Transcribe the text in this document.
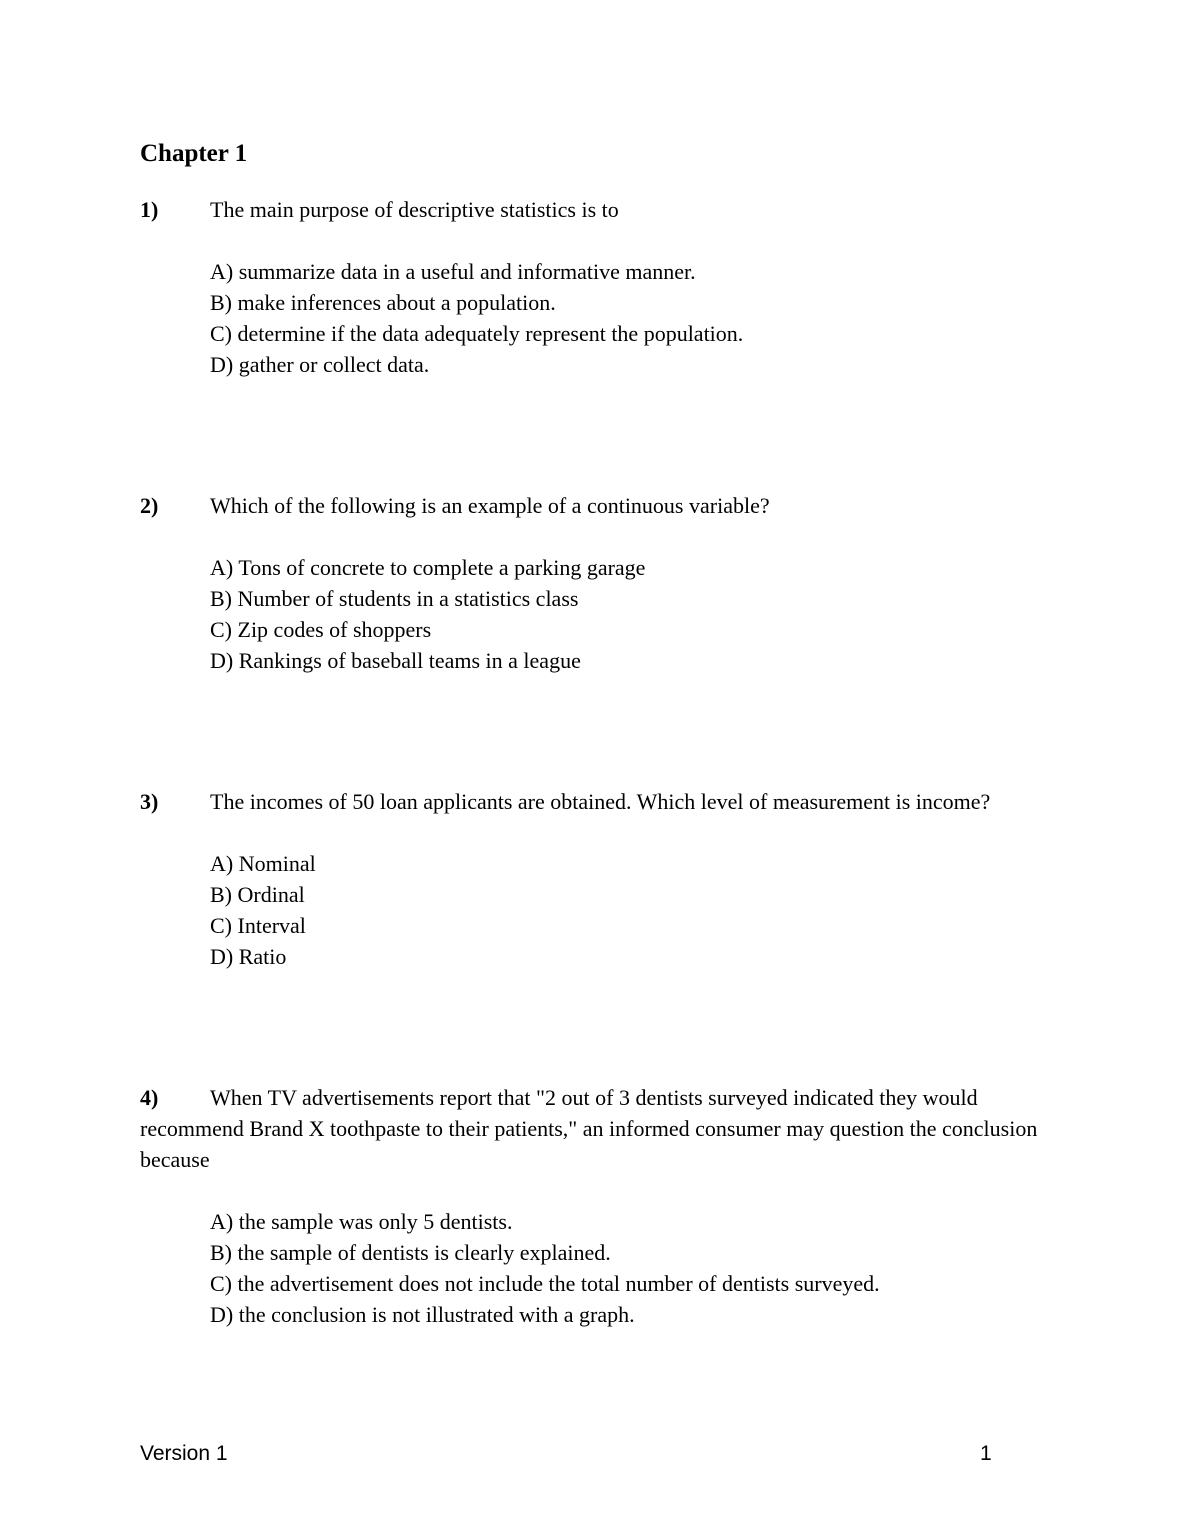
Chapter 1

1) The main purpose of descriptive statistics is to

A) summarize data in a useful and informative manner.
B) make inferences about a population.
C) determine if the data adequately represent the population.
D) gather or collect data.

2) Which of the following is an example of a continuous variable?

A) Tons of concrete to complete a parking garage
B) Number of students in a statistics class
C) Zip codes of shoppers
D) Rankings of baseball teams in a league

3) The incomes of 50 loan applicants are obtained. Which level of measurement is income?

A) Nominal
B) Ordinal
C) Interval
D) Ratio

4) When TV advertisements report that "2 out of 3 dentists surveyed indicated they would recommend Brand X toothpaste to their patients," an informed consumer may question the conclusion because

A) the sample was only 5 dentists.
B) the sample of dentists is clearly explained.
C) the advertisement does not include the total number of dentists surveyed.
D) the conclusion is not illustrated with a graph.
Version 1	1
